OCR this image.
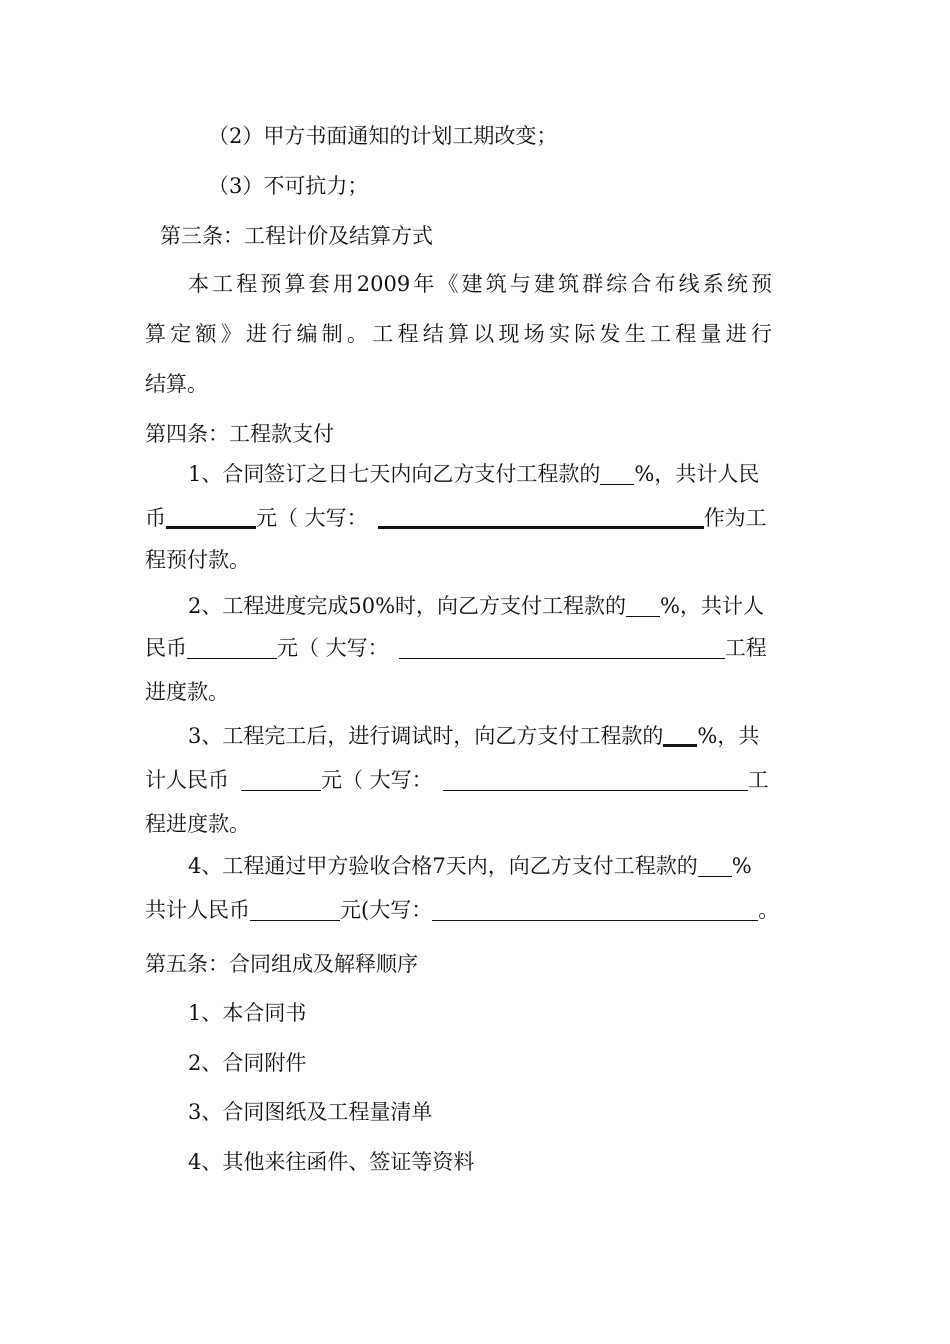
（2）甲方书面通知的计划工期改变；
（3）不可抗力；
第三条：工程计价及结算方式
本工程预算套用2009年《建筑与建筑群综合布线系统预
算定额》进行编制。工程结算以现场实际发生工程量进行
结算。
第四条：工程款支付
1、合同签订之日七天内向乙方支付工程款的 %，共计人民
币	元（ 大写：	作为工
程预付款。
2、工程进度完成50%时，向乙方支付工程款的 %，共计人
民币	元（ 大写：	工程
进度款。
3、工程完工后，进行调试时，向乙方支付工程款的 %，共
计人民币	元（ 大写：	工
程进度款。
4、工程通过甲方验收合格7天内，向乙方支付工程款的 %
共计人民币	元(大写：	。
第五条：合同组成及解释顺序
1、本合同书
2、合同附件
3、合同图纸及工程量清单
4、其他来往函件、签证等资料
